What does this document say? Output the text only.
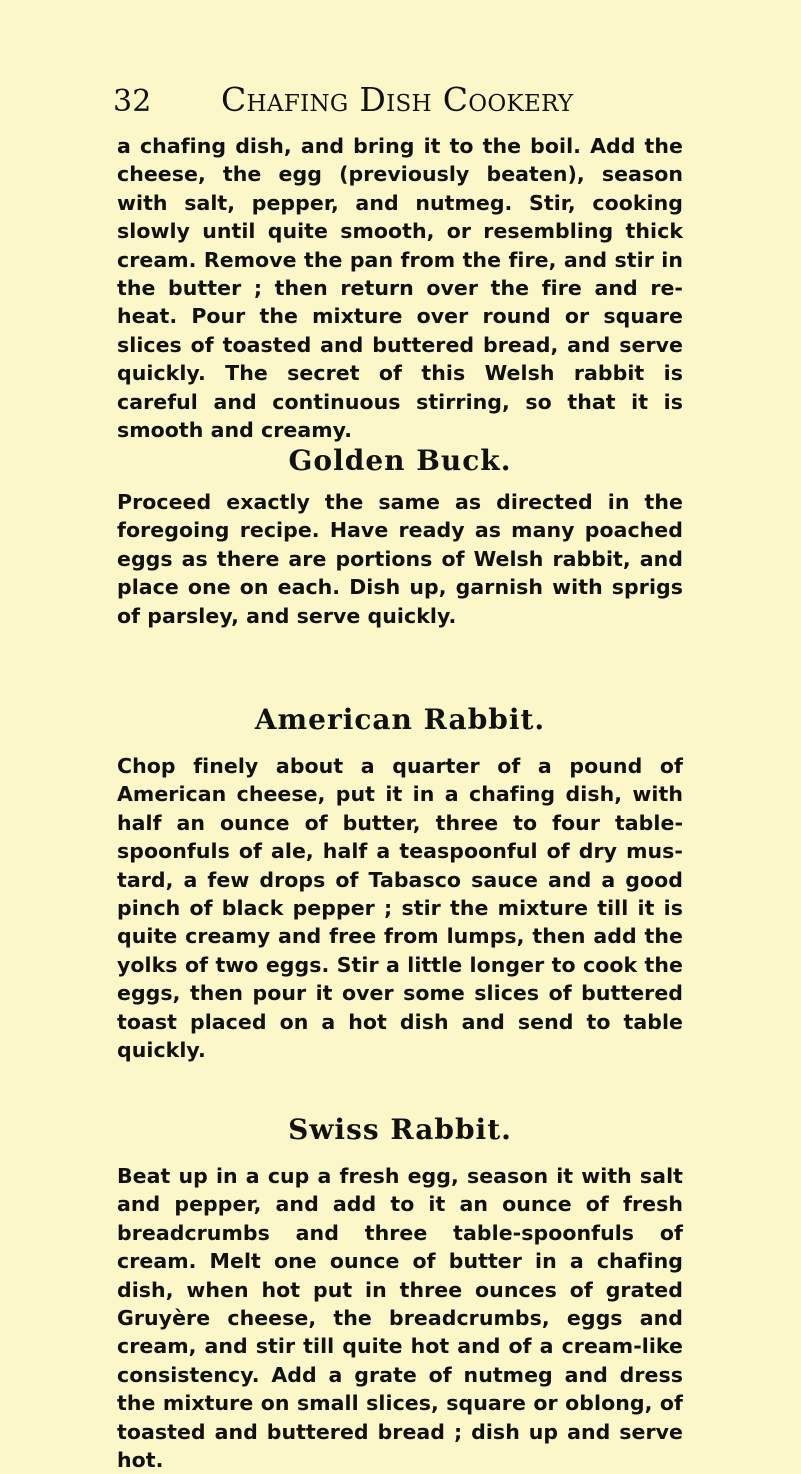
32 Chafing Dish Cookery
a chafing dish, and bring it to the boil. Add the cheese, the egg (previously beaten), season with salt, pepper, and nutmeg. Stir, cooking slowly until quite smooth, or resembling thick cream. Remove the pan from the fire, and stir in the butter ; then return over the fire and re-heat. Pour the mixture over round or square slices of toasted and buttered bread, and serve quickly. The secret of this Welsh rabbit is careful and continuous stirring, so that it is smooth and creamy.
Golden Buck.
Proceed exactly the same as directed in the foregoing recipe. Have ready as many poached eggs as there are portions of Welsh rabbit, and place one on each. Dish up, garnish with sprigs of parsley, and serve quickly.
American Rabbit.
Chop finely about a quarter of a pound of American cheese, put it in a chafing dish, with half an ounce of butter, three to four table-spoonfuls of ale, half a teaspoonful of dry mus-tard, a few drops of Tabasco sauce and a good pinch of black pepper ; stir the mixture till it is quite creamy and free from lumps, then add the yolks of two eggs. Stir a little longer to cook the eggs, then pour it over some slices of buttered toast placed on a hot dish and send to table quickly.
Swiss Rabbit.
Beat up in a cup a fresh egg, season it with salt and pepper, and add to it an ounce of fresh breadcrumbs and three table-spoonfuls of cream. Melt one ounce of butter in a chafing dish, when hot put in three ounces of grated Gruyère cheese, the breadcrumbs, eggs and cream, and stir till quite hot and of a cream-like consistency. Add a grate of nutmeg and dress the mixture on small slices, square or oblong, of toasted and buttered bread ; dish up and serve hot.
